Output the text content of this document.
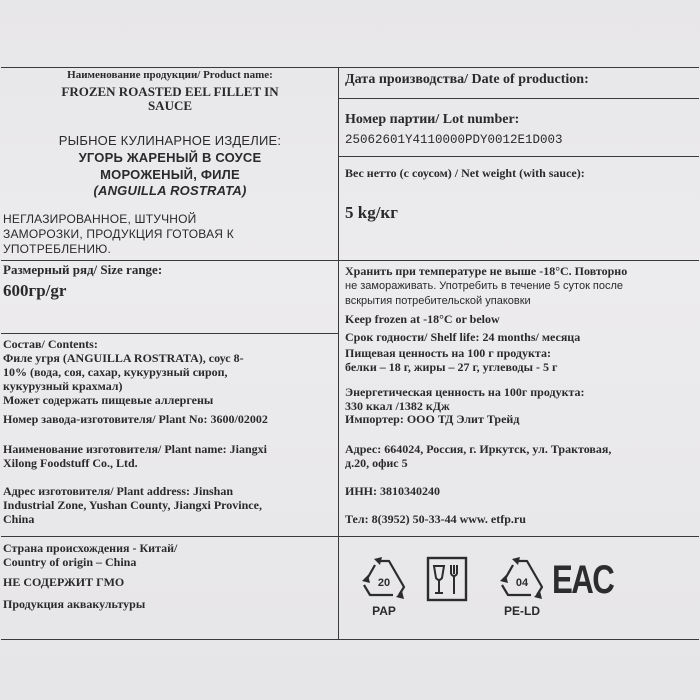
Наименование продукции/ Product name:
FROZEN ROASTED EEL FILLET IN
SAUCE
РЫБНОЕ КУЛИНАРНОЕ ИЗДЕЛИЕ:
УГОРЬ ЖАРЕНЫЙ В СОУСЕ
МОРОЖЕНЫЙ, ФИЛЕ
(ANGUILLA ROSTRATA)
НЕГЛАЗИРОВАННОЕ, ШТУЧНОЙ
ЗАМОРОЗКИ, ПРОДУКЦИЯ ГОТОВАЯ К
УПОТРЕБЛЕНИЮ.
Размерный ряд/ Size range:
600гр/gr
Состав/ Contents:
Филе угря (ANGUILLA ROSTRATA), соус 8-
10% (вода, соя, сахар, кукурузный сироп,
кукурузный крахмал)
Может содержать пищевые аллергены
Номер завода-изготовителя/ Plant No: 3600/02002
Наименование изготовителя/ Plant name: Jiangxi
Xilong Foodstuff Co., Ltd.
Адрес изготовителя/ Plant address: Jinshan
Industrial Zone, Yushan County, Jiangxi Province,
China
Страна происхождения - Китай/
Country of origin – China
НЕ СОДЕРЖИТ ГМО
Продукция аквакультуры
Дата производства/ Date of production:
Номер партии/ Lot number:
25062601Y4110000PDY0012E1D003
Вес нетто (с соусом) / Net weight (with sauce):
5 kg/кг
Хранить при температуре не выше -18°С. Повторно
не замораживать. Употребить в течение 5 суток после
вскрытия потребительской упаковки
Keep frozen at -18°C or below
Срок годности/ Shelf life: 24 months/ месяца
Пищевая ценность на 100 г продукта:
белки – 18 г, жиры – 27 г, углеводы - 5 г
Энергетическая ценность на 100г продукта:
330 ккал /1382 кДж
Импортер: ООО ТД Элит Трейд
Адрес: 664024, Россия, г. Иркутск, ул. Трактовая,
д.20, офис 5
ИНН: 3810340240
Тел: 8(3952) 50-33-44 www. etfp.ru
20
PAP
04
PE-LD
EAC
